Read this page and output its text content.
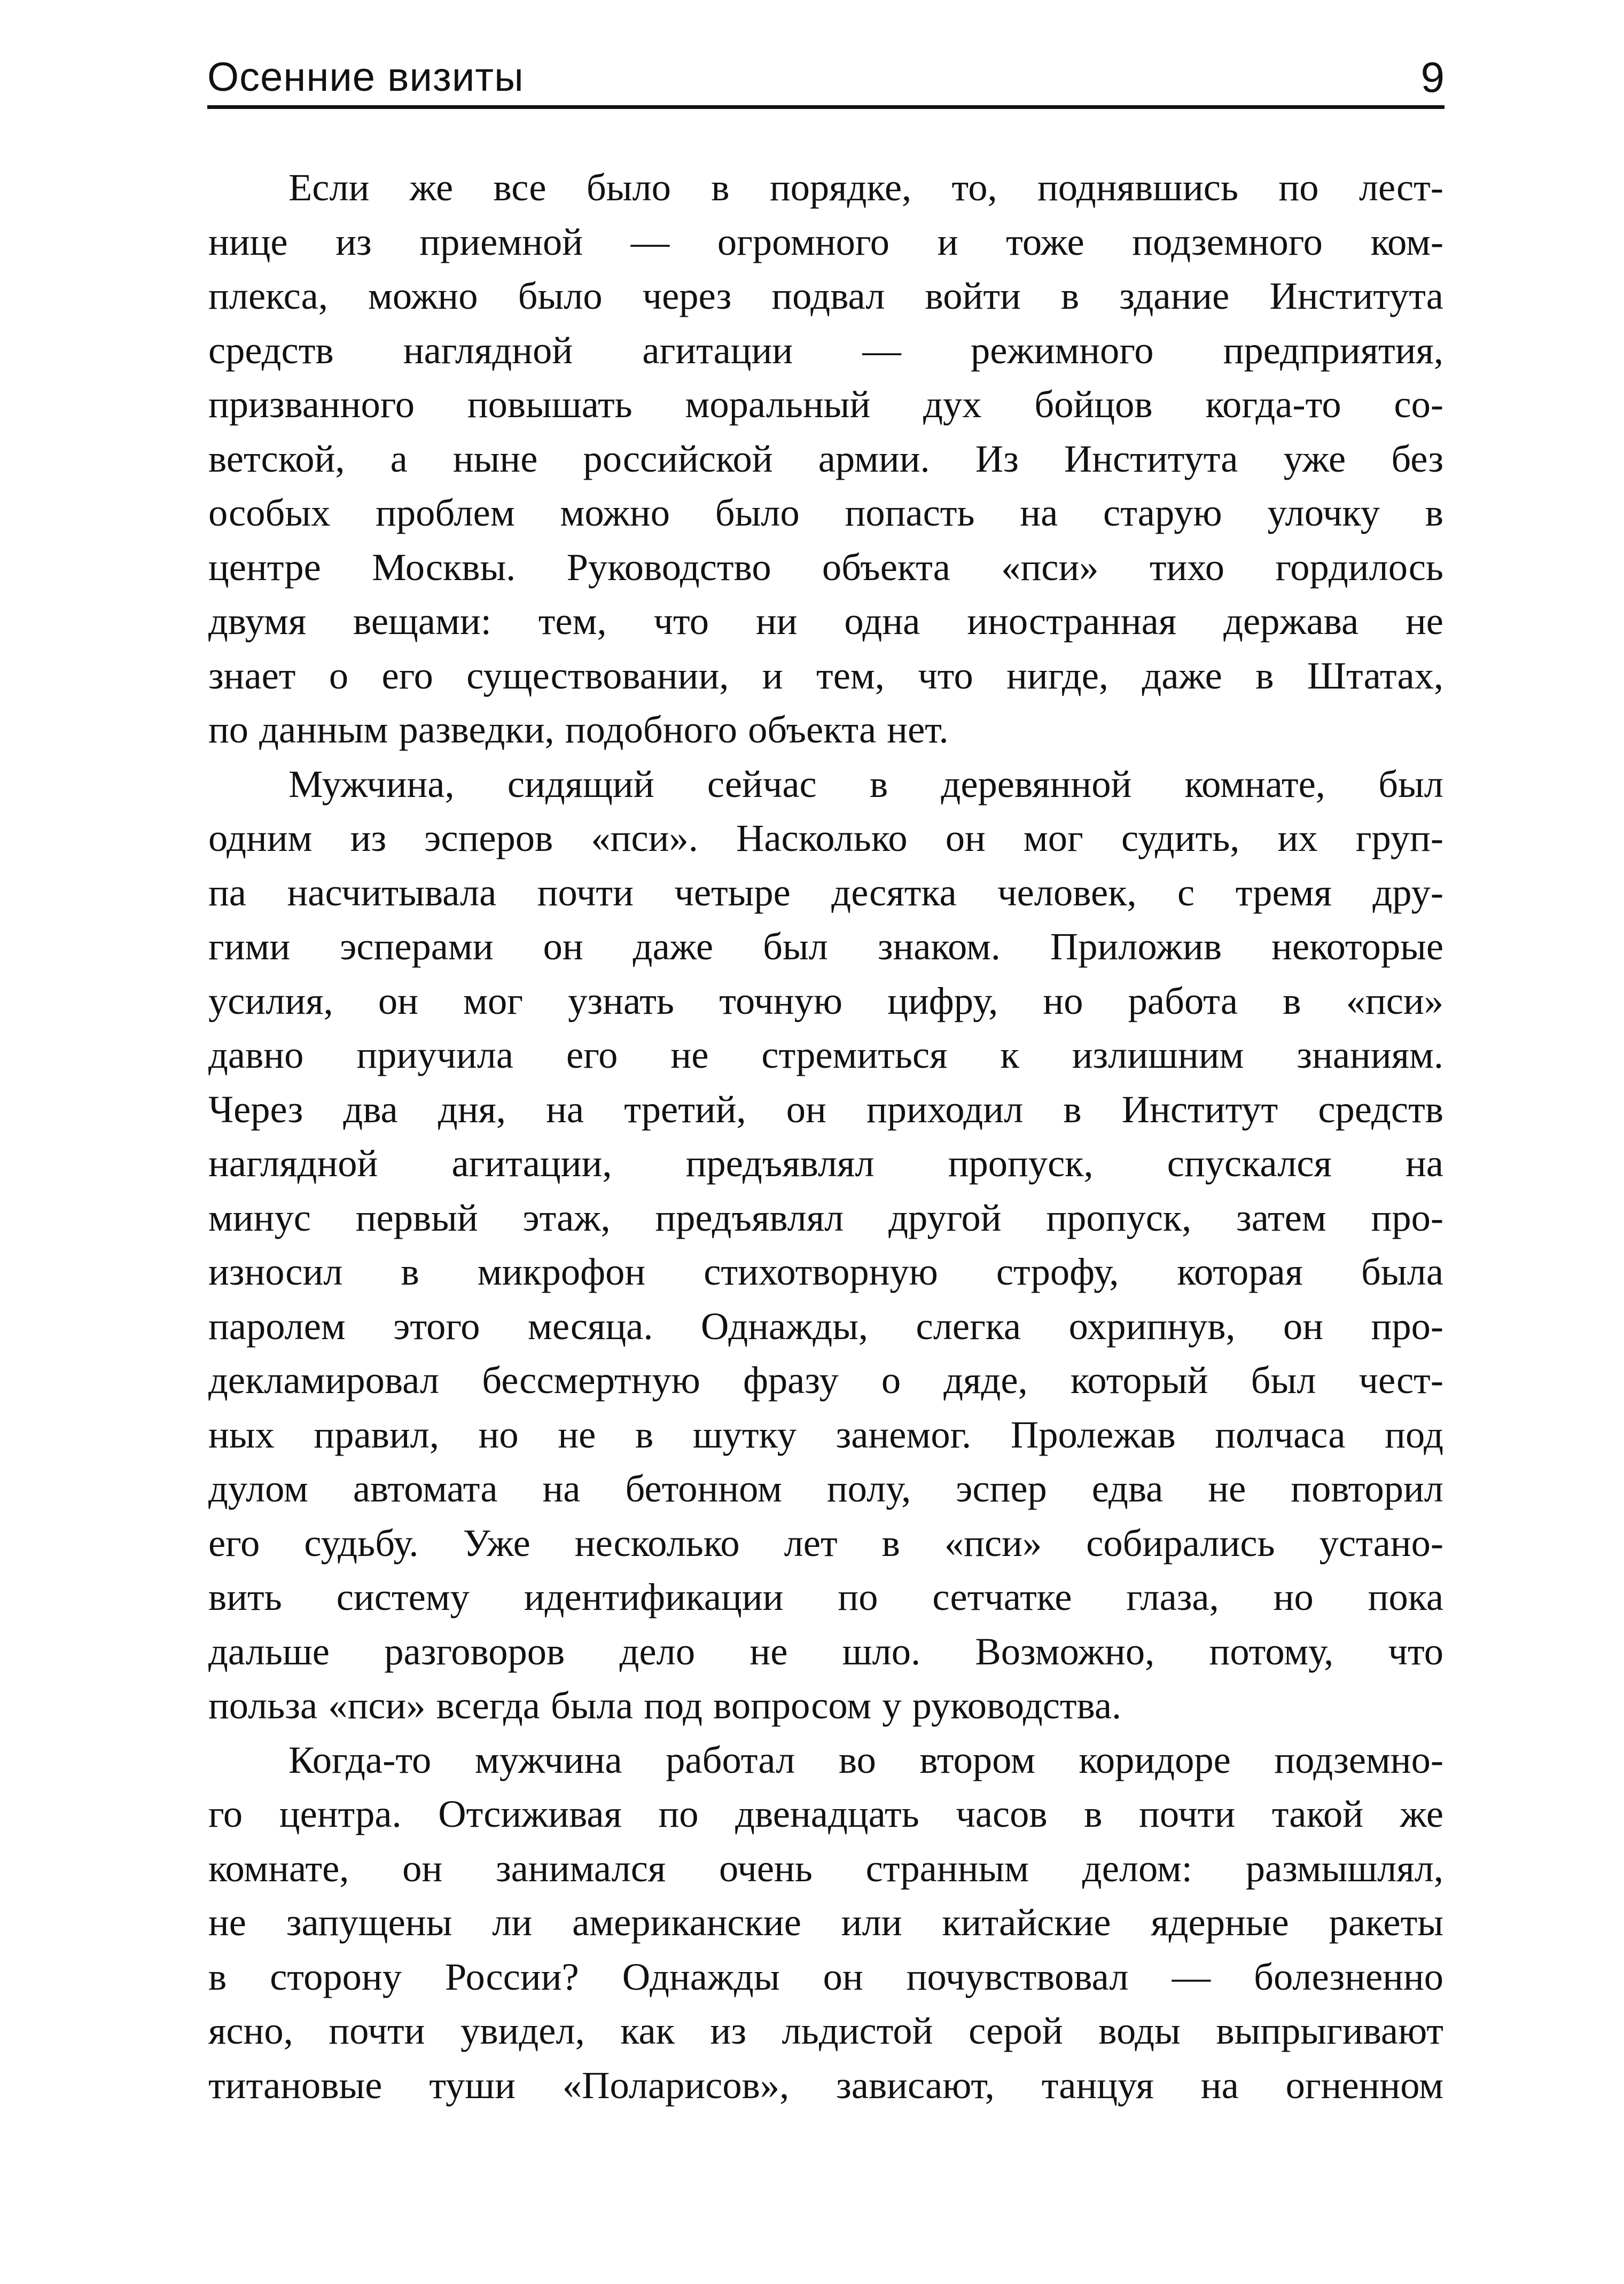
Осенние визиты	9
Если же все было в порядке, то, поднявшись по лест-
нице из приемной — огромного и тоже подземного ком-
плекса, можно было через подвал войти в здание Института
средств наглядной агитации — режимного предприятия,
призванного повышать моральный дух бойцов когда-то со-
ветской, а ныне российской армии. Из Института уже без
особых проблем можно было попасть на старую улочку в
центре Москвы. Руководство объекта «пси» тихо гордилось
двумя вещами: тем, что ни одна иностранная держава не
знает о его существовании, и тем, что нигде, даже в Штатах,
по данным разведки, подобного объекта нет.
Мужчина, сидящий сейчас в деревянной комнате, был
одним из эсперов «пси». Насколько он мог судить, их груп-
па насчитывала почти четыре десятка человек, с тремя дру-
гими эсперами он даже был знаком. Приложив некоторые
усилия, он мог узнать точную цифру, но работа в «пси»
давно приучила его не стремиться к излишним знаниям.
Через два дня, на третий, он приходил в Институт средств
наглядной агитации, предъявлял пропуск, спускался на
минус первый этаж, предъявлял другой пропуск, затем про-
износил в микрофон стихотворную строфу, которая была
паролем этого месяца. Однажды, слегка охрипнув, он про-
декламировал бессмертную фразу о дяде, который был чест-
ных правил, но не в шутку занемог. Пролежав полчаса под
дулом автомата на бетонном полу, эспер едва не повторил
его судьбу. Уже несколько лет в «пси» собирались устано-
вить систему идентификации по сетчатке глаза, но пока
дальше разговоров дело не шло. Возможно, потому, что
польза «пси» всегда была под вопросом у руководства.
Когда-то мужчина работал во втором коридоре подземно-
го центра. Отсиживая по двенадцать часов в почти такой же
комнате, он занимался очень странным делом: размышлял,
не запущены ли американские или китайские ядерные ракеты
в сторону России? Однажды он почувствовал — болезненно
ясно, почти увидел, как из льдистой серой воды выпрыгивают
титановые туши «Поларисов», зависают, танцуя на огненном
